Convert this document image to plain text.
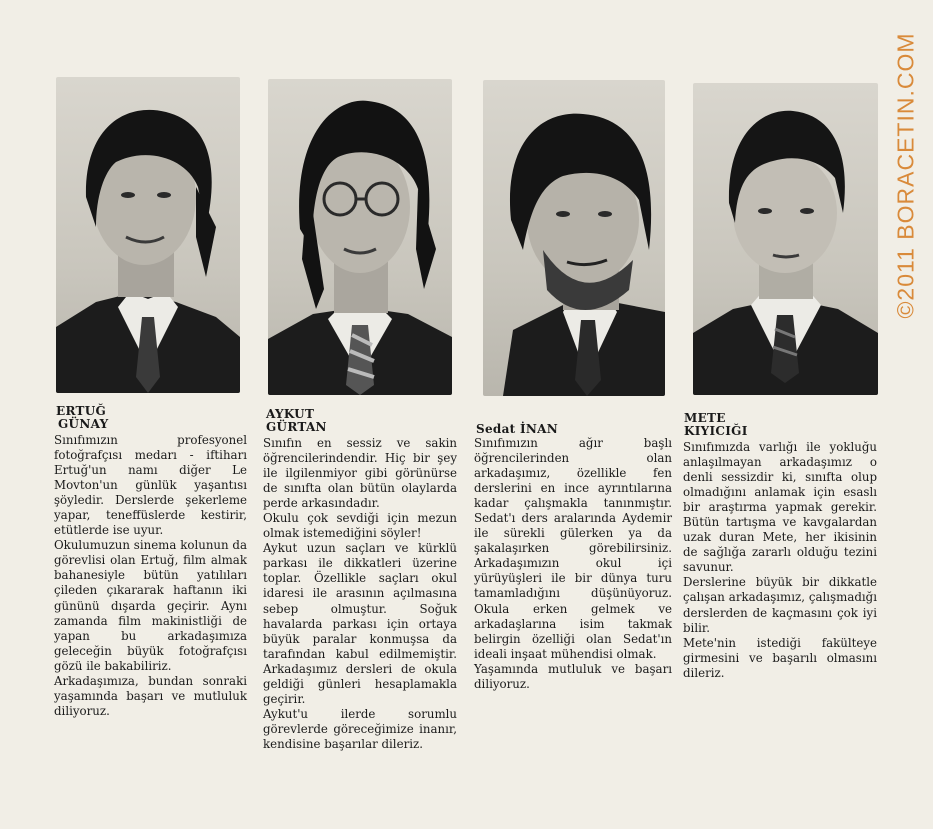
©2011 BORACETIN.COM
ERTUĞ
GÜNAY

Sınıfımızın profesyonel fotoğrafçısı medarı - iftiharı Ertuğ'un namı diğer Le Movton'un günlük yaşantısı şöyledir. Derslerde şekerleme yapar, teneffüslerde kestirir, etütlerde ise uyur.

Okulumuzun sinema kolunun da görevlisi olan Ertuğ, film almak bahanesiyle bütün yatılıları çileden çıkararak haftanın iki gününü dışarda geçirir. Aynı zamanda film makinistliği de yapan bu arkadaşımıza geleceğin büyük fotoğrafçısı gözü ile bakabiliriz.

Arkadaşımıza, bundan sonraki yaşamında başarı ve mutluluk diliyoruz.

AYKUT
GÜRTAN

Sınıfın en sessiz ve sakin öğrencilerindendir. Hiç bir şey ile ilgilenmiyor gibi görünürse de sınıfta olan bütün olaylarda perde arkasındadır.

Okulu çok sevdiği için mezun olmak istemediğini söyler!

Aykut uzun saçları ve kürklü parkası ile dikkatleri üzerine toplar. Özellikle saçları okul idaresi ile arasının açılmasına sebep olmuştur. Soğuk havalarda parkası için ortaya büyük paralar konmuşsa da tarafından kabul edilmemiştir. Arkadaşımız dersleri de okula geldiği günleri hesaplamakla geçirir.

Aykut'u ilerde sorumlu görevlerde göreceğimize inanır, kendisine başarılar dileriz.

Sedat İNAN

Sınıfımızın ağır başlı öğrencilerinden olan arkadaşımız, özellikle fen derslerini en ince ayrıntılarına kadar çalışmakla tanınmıştır. Sedat'ı ders aralarında Aydemir ile sürekli gülerken ya da şakalaşırken görebilirsiniz. Arkadaşımızın okul içi yürüyüşleri ile bir dünya turu tamamladığını düşünüyoruz. Okula erken gelmek ve arkadaşlarına isim takmak belirgin özelliği olan Sedat'ın ideali inşaat mühendisi olmak.

Yaşamında mutluluk ve başarı diliyoruz.

METE
KIYICIĞI

Sınıfımızda varlığı ile yokluğu anlaşılmayan arkadaşımız o denli sessizdir ki, sınıfta olup olmadığını anlamak için esaslı bir araştırma yapmak gerekir. Bütün tartışma ve kavgalardan uzak duran Mete, her ikisinin de sağlığa zararlı olduğu tezini savunur.

Derslerine büyük bir dikkatle çalışan arkadaşımız, çalışmadığı derslerden de kaçmasını çok iyi bilir.

Mete'nin istediği fakülteye girmesini ve başarılı olmasını dileriz.
